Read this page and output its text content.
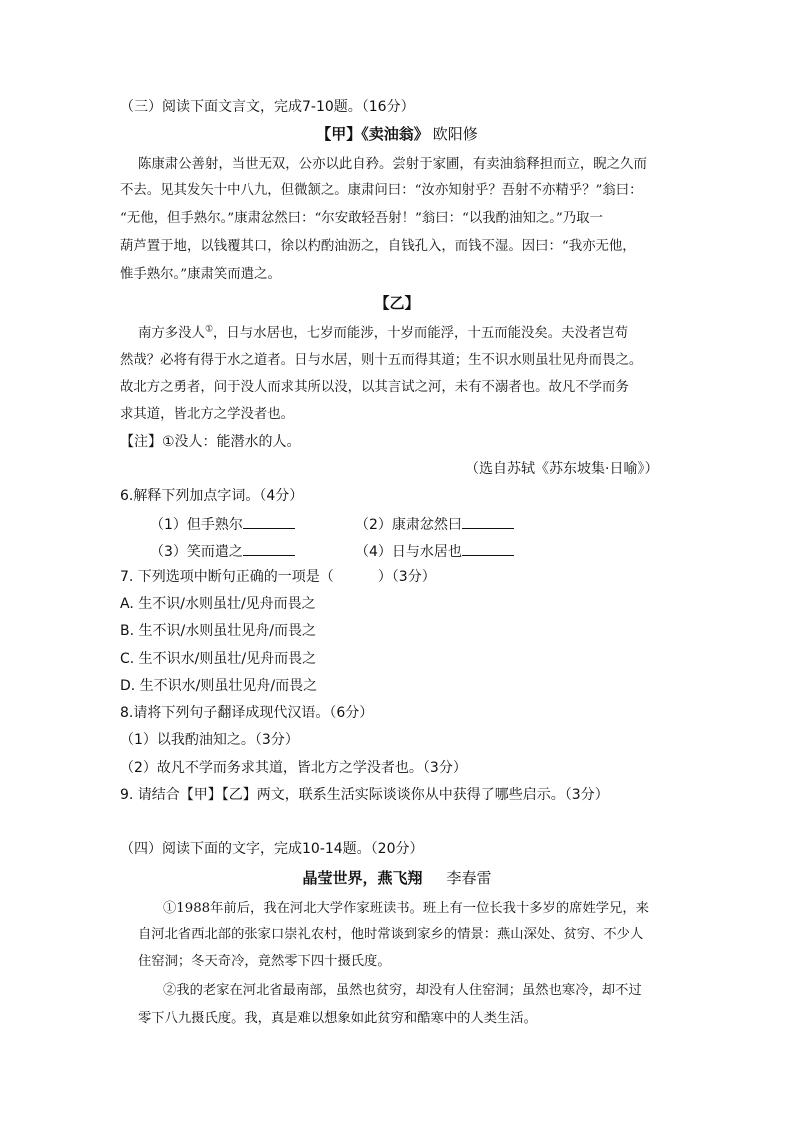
（三）阅读下面文言文，完成7-10题。（16分）
【甲】《卖油翁》 欧阳修
陈康肃公善射，当世无双，公亦以此自矜。尝射于家圃，有卖油翁释担而立，睨之久而
不去。见其发矢十中八九，但微颔之。康肃问曰：“汝亦知射乎？吾射不亦精乎？”翁曰：
“无他，但手熟尔。”康肃忿然曰：“尔安敢轻吾射！”翁曰：“以我酌油知之。”乃取一
葫芦置于地，以钱覆其口，徐以杓酌油沥之，自钱孔入，而钱不湿。因曰：“我亦无他，
惟手熟尔。”康肃笑而遣之。
【乙】
南方多没人①，日与水居也，七岁而能涉，十岁而能浮，十五而能没矣。夫没者岂苟
然哉？必将有得于水之道者。日与水居，则十五而得其道；生不识水则虽壮见舟而畏之。
故北方之勇者，问于没人而求其所以没，以其言试之河，未有不溺者也。故凡不学而务
求其道，皆北方之学没者也。
【注】①没人：能潜水的人。
（选自苏轼《苏东坡集·日喻》）
6.解释下列加点字词。（4分）
（1）但手熟尔	（2）康肃忿然曰
（3）笑而遣之	（4）日与水居也
7. 下列选项中断句正确的一项是（	）（3分）
A. 生不识/水则虽壮/见舟而畏之
B. 生不识/水则虽壮见舟/而畏之
C. 生不识水/则虽壮/见舟而畏之
D. 生不识水/则虽壮见舟/而畏之
8.请将下列句子翻译成现代汉语。（6分）
（1）以我酌油知之。（3分）
（2）故凡不学而务求其道，皆北方之学没者也。（3分）
9. 请结合【甲】【乙】两文，联系生活实际谈谈你从中获得了哪些启示。（3分）
（四）阅读下面的文字，完成10-14题。（20分）
晶莹世界，燕飞翔 李春雷
①1988年前后，我在河北大学作家班读书。班上有一位长我十多岁的席姓学兄，来
自河北省西北部的张家口崇礼农村，他时常谈到家乡的情景：燕山深处、贫穷、不少人
住窑洞；冬天奇冷，竟然零下四十摄氏度。
②我的老家在河北省最南部，虽然也贫穷，却没有人住窑洞；虽然也寒冷，却不过
零下八九摄氏度。我，真是难以想象如此贫穷和酷寒中的人类生活。
